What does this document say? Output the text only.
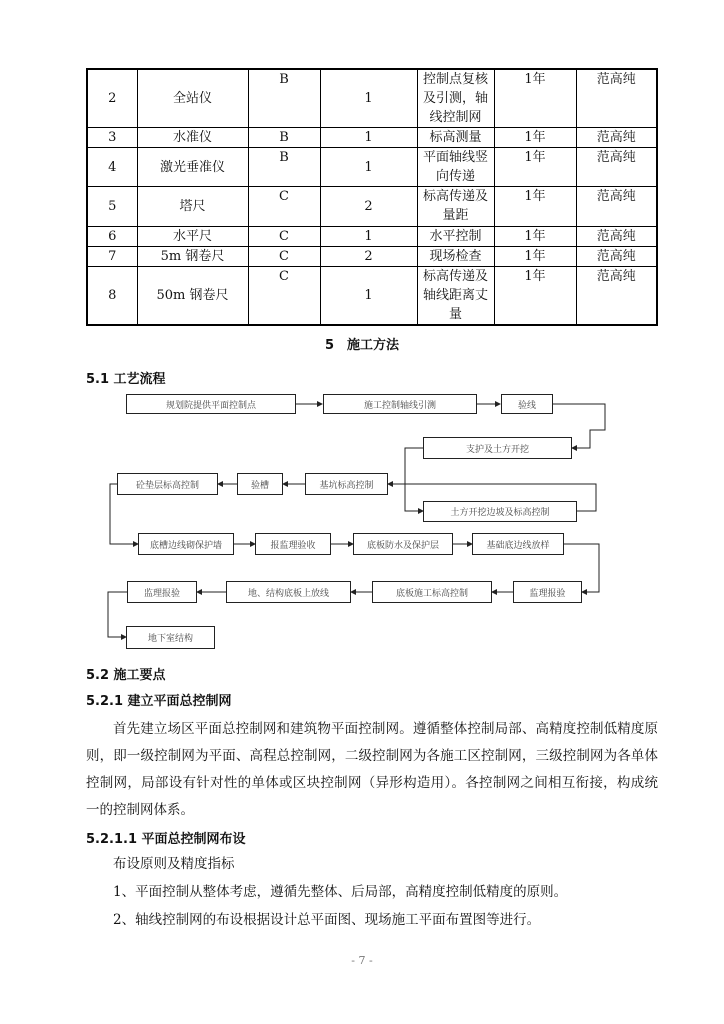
2	全站仪	B	1	控制点复核及引测，轴线控制网	1年	范高纯
3	水准仪	B	1	标高测量	1年	范高纯
4	激光垂准仪	B	1	平面轴线竖向传递	1年	范高纯
5	塔尺	C	2	标高传递及量距	1年	范高纯
6	水平尺	C	1	水平控制	1年	范高纯
7	5m 钢卷尺	C	2	现场检查	1年	范高纯
8	50m 钢卷尺	C	1	标高传递及轴线距离丈量	1年	范高纯
5　施工方法
5.1 工艺流程
规划院提供平面控制点	施工控制轴线引测	验线
支护及土方开挖
土方开挖边坡及标高控制
基坑标高控制
验槽
砼垫层标高控制
底槽边线砌保护墙	报监理验收	底板防水及保护层	基础底边线放样
监理报验
底板施工标高控制
地、结构底板上放线
监理报验
地下室结构
5.2 施工要点
5.2.1 建立平面总控制网
首先建立场区平面总控制网和建筑物平面控制网。遵循整体控制局部、高精度控制低精度原则，即一级控制网为平面、高程总控制网，二级控制网为各施工区控制网，三级控制网为各单体控制网，局部设有针对性的单体或区块控制网（异形构造用）。各控制网之间相互衔接，构成统一的控制网体系。
5.2.1.1 平面总控制网布设
布设原则及精度指标
1、平面控制从整体考虑，遵循先整体、后局部，高精度控制低精度的原则。
2、轴线控制网的布设根据设计总平面图、现场施工平面布置图等进行。
- 7 -
